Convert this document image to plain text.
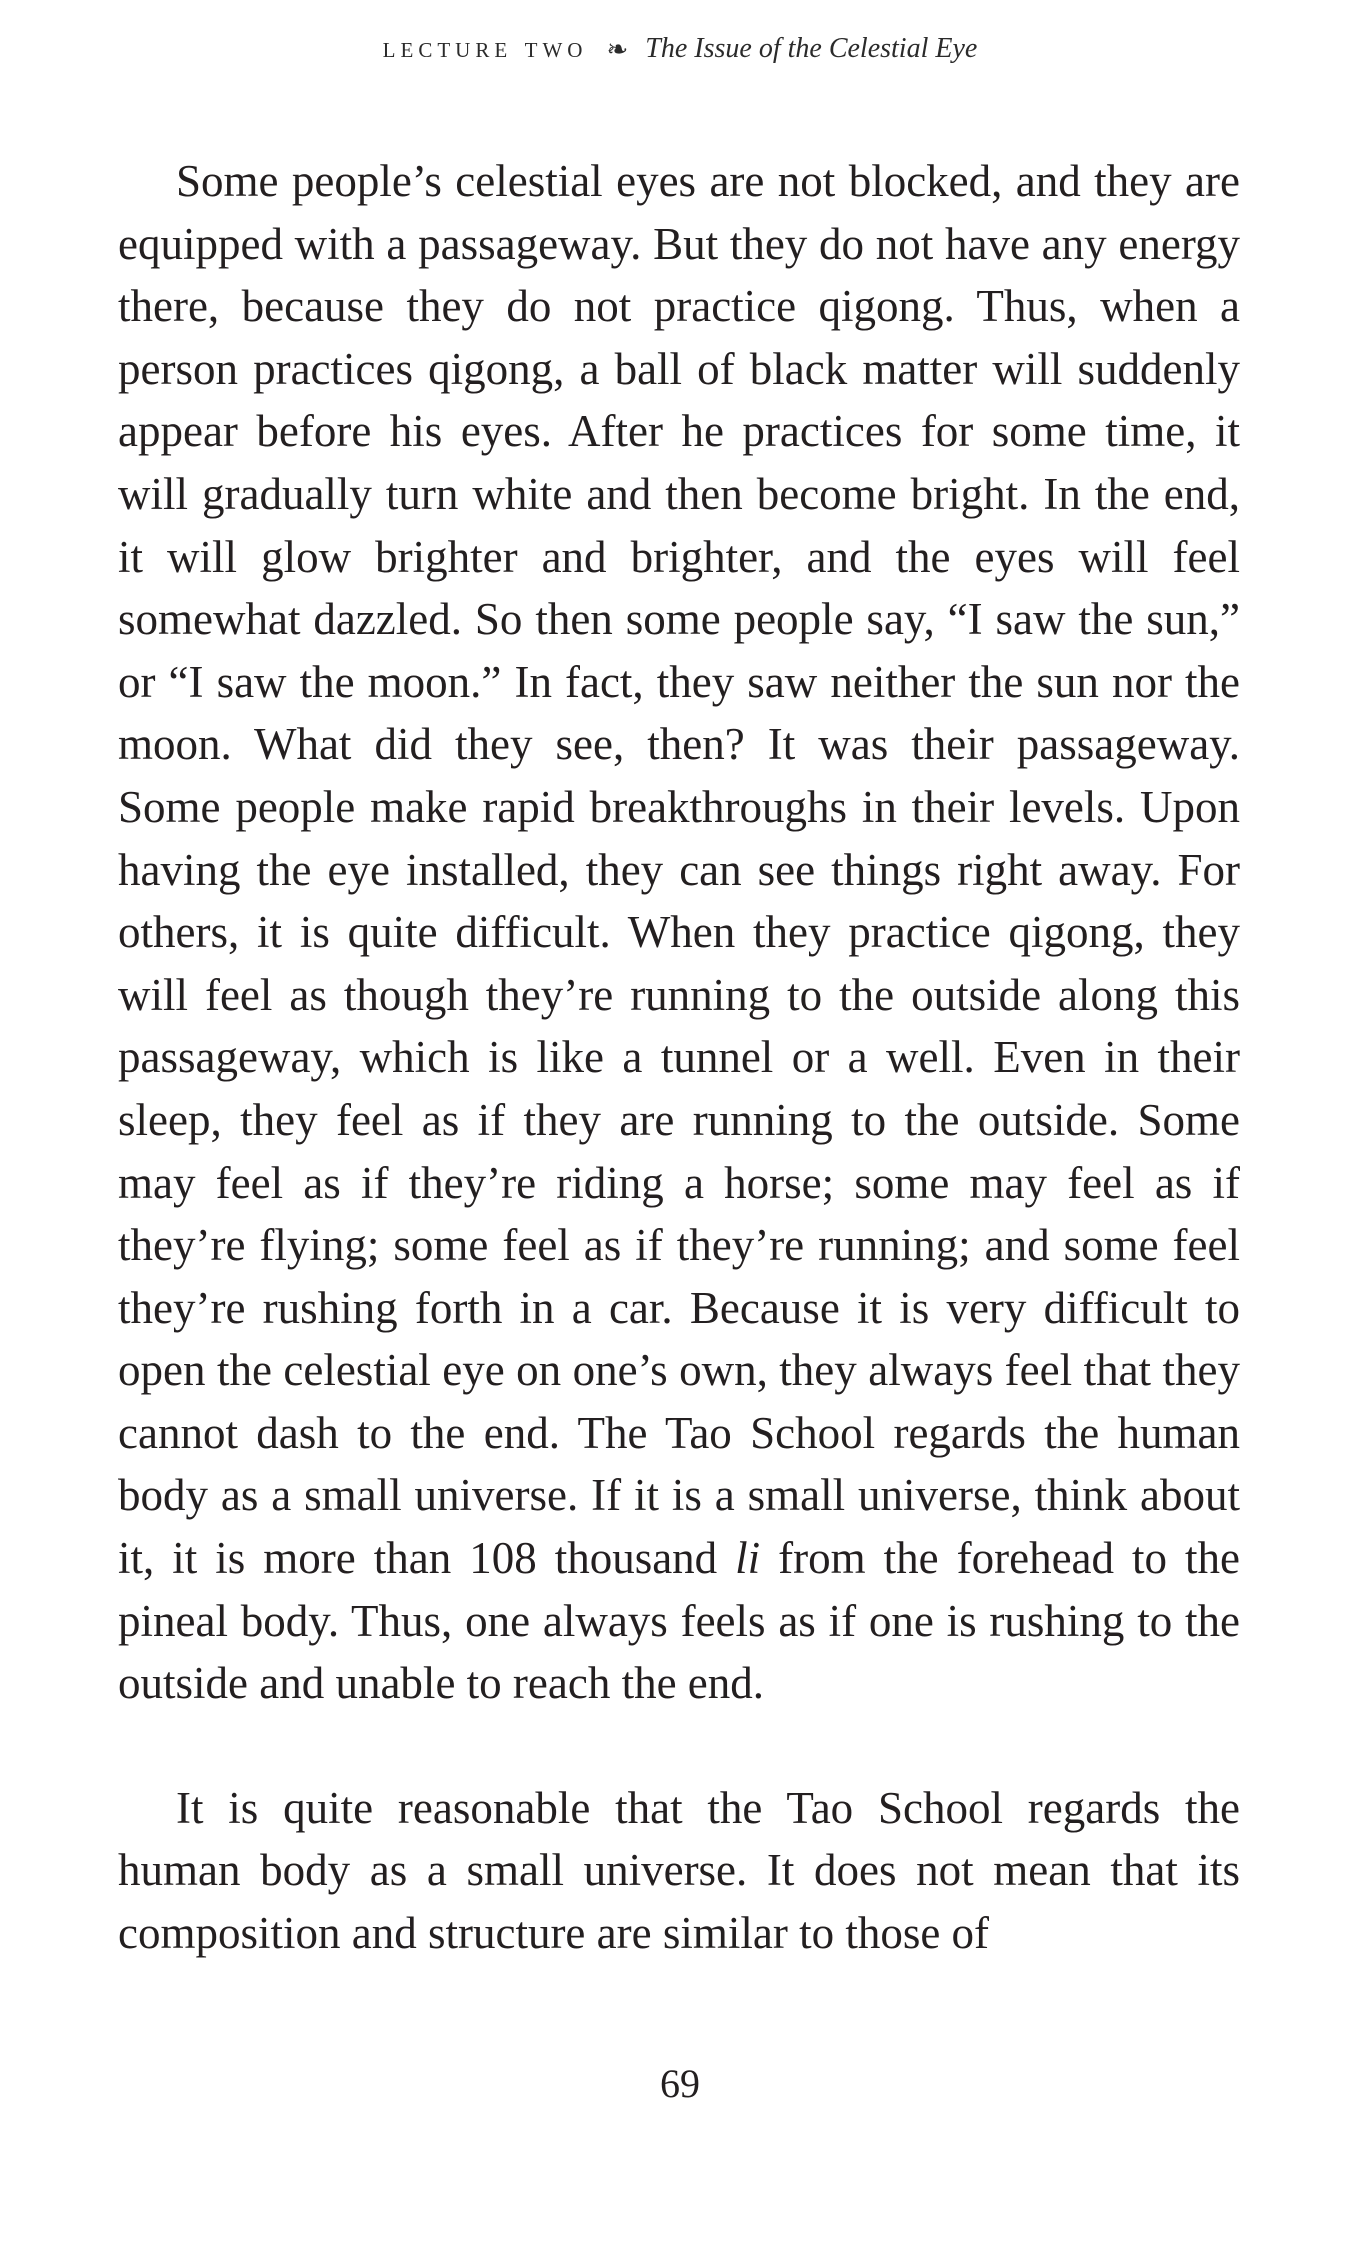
lecture two ❧ The Issue of the Celestial Eye

Some people’s celestial eyes are not blocked, and they are equipped with a passageway. But they do not have any energy there, because they do not practice qigong. Thus, when a person practices qigong, a ball of black matter will suddenly appear before his eyes. After he practices for some time, it will gradually turn white and then become bright. In the end, it will glow brighter and brighter, and the eyes will feel somewhat dazzled. So then some people say, “I saw the sun,” or “I saw the moon.” In fact, they saw neither the sun nor the moon. What did they see, then? It was their passageway. Some people make rapid breakthroughs in their levels. Upon having the eye installed, they can see things right away. For others, it is quite difficult. When they practice qigong, they will feel as though they’re running to the outside along this passageway, which is like a tunnel or a well. Even in their sleep, they feel as if they are running to the outside. Some may feel as if they’re riding a horse; some may feel as if they’re flying; some feel as if they’re running; and some feel they’re rushing forth in a car. Because it is very difficult to open the celestial eye on one’s own, they always feel that they cannot dash to the end. The Tao School regards the human body as a small universe. If it is a small universe, think about it, it is more than 108 thousand li from the forehead to the pineal body. Thus, one always feels as if one is rushing to the outside and unable to reach the end.

It is quite reasonable that the Tao School regards the human body as a small universe. It does not mean that its composition and structure are similar to those of

69
